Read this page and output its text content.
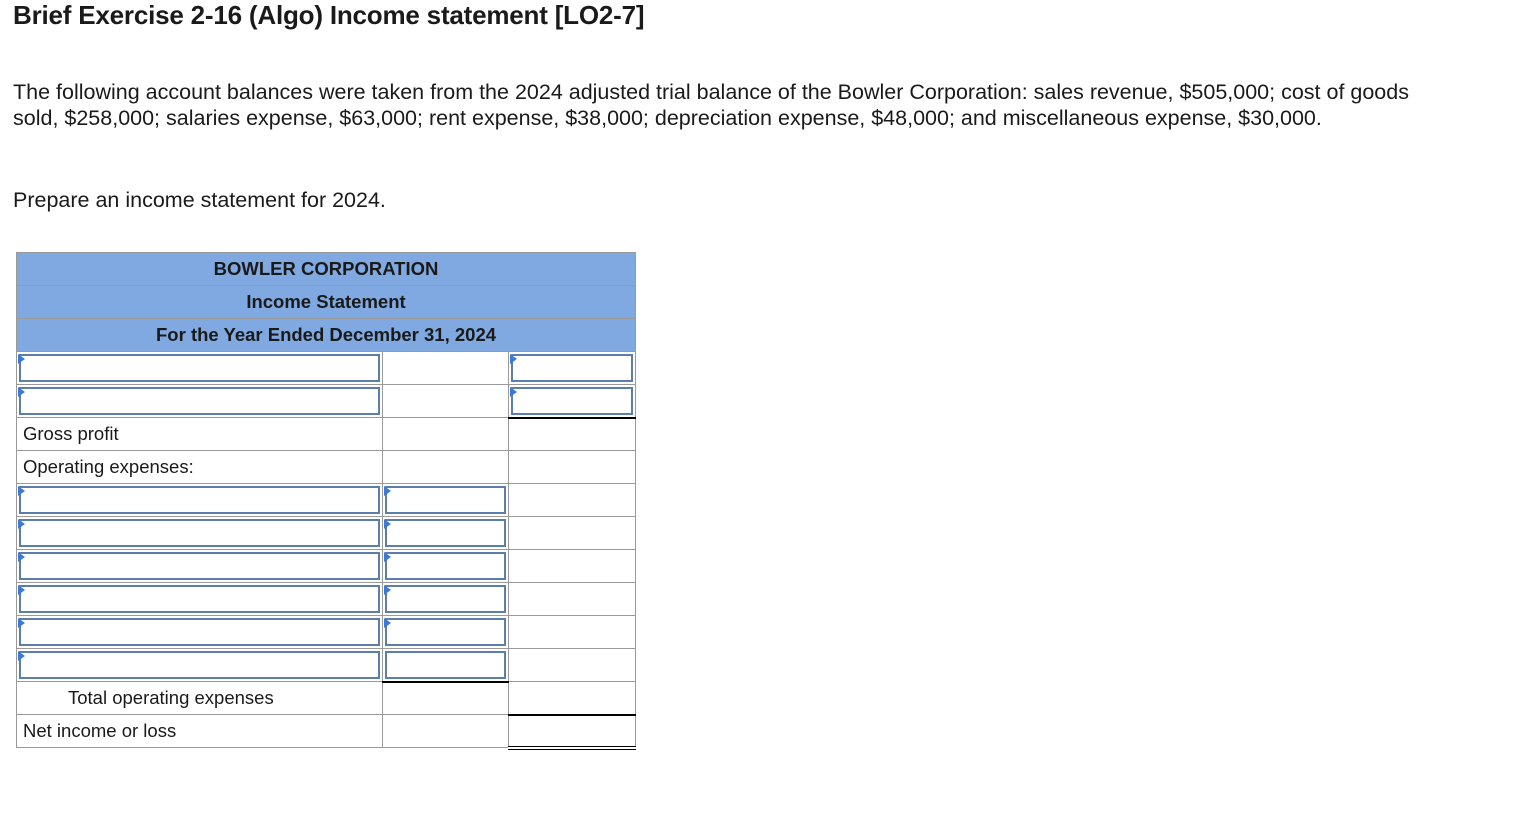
Brief Exercise 2-16 (Algo) Income statement [LO2-7]
The following account balances were taken from the 2024 adjusted trial balance of the Bowler Corporation: sales revenue, $505,000; cost of goods sold, $258,000; salaries expense, $63,000; rent expense, $38,000; depreciation expense, $48,000; and miscellaneous expense, $30,000.
Prepare an income statement for 2024.
BOWLER CORPORATION		
Income Statement		
For the Year Ended December 31, 2024		

Gross profit		
Operating expenses:		

Total operating expenses		
Net income or loss		
